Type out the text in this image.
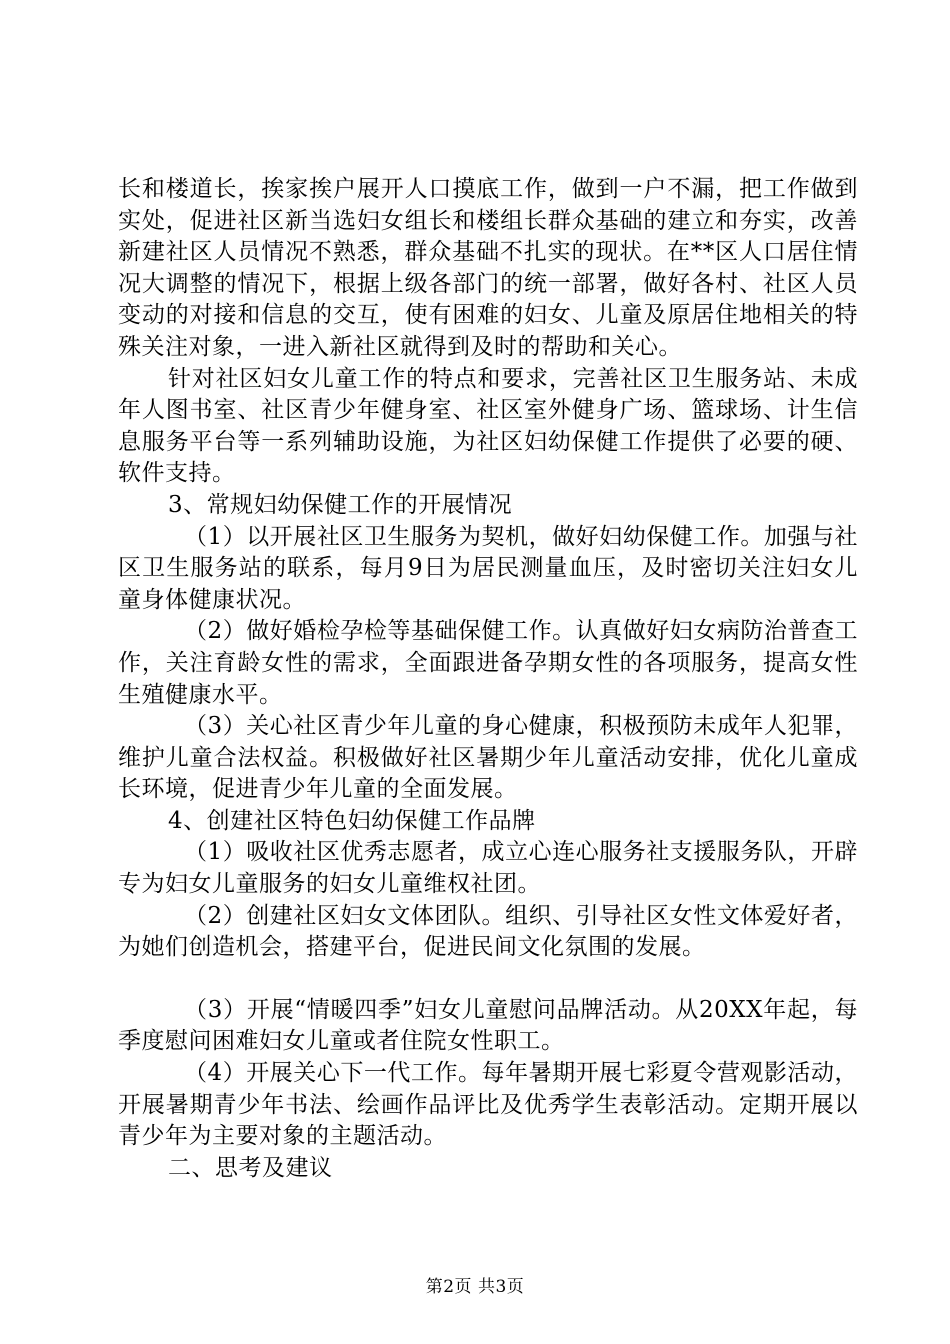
长和楼道长，挨家挨户展开人口摸底工作，做到一户不漏，把工作做到实处，促进社区新当选妇女组长和楼组长群众基础的建立和夯实，改善新建社区人员情况不熟悉，群众基础不扎实的现状。在**区人口居住情况大调整的情况下，根据上级各部门的统一部署，做好各村、社区人员变动的对接和信息的交互，使有困难的妇女、儿童及原居住地相关的特殊关注对象，一进入新社区就得到及时的帮助和关心。

针对社区妇女儿童工作的特点和要求，完善社区卫生服务站、未成年人图书室、社区青少年健身室、社区室外健身广场、篮球场、计生信息服务平台等一系列辅助设施，为社区妇幼保健工作提供了必要的硬、软件支持。

3、常规妇幼保健工作的开展情况

（1）以开展社区卫生服务为契机，做好妇幼保健工作。加强与社区卫生服务站的联系，每月9日为居民测量血压，及时密切关注妇女儿童身体健康状况。

（2）做好婚检孕检等基础保健工作。认真做好妇女病防治普查工作，关注育龄女性的需求，全面跟进备孕期女性的各项服务，提高女性生殖健康水平。

（3）关心社区青少年儿童的身心健康，积极预防未成年人犯罪，维护儿童合法权益。积极做好社区暑期少年儿童活动安排，优化儿童成长环境，促进青少年儿童的全面发展。

4、创建社区特色妇幼保健工作品牌

（1）吸收社区优秀志愿者，成立心连心服务社支援服务队，开辟专为妇女儿童服务的妇女儿童维权社团。

（2）创建社区妇女文体团队。组织、引导社区女性文体爱好者，为她们创造机会，搭建平台，促进民间文化氛围的发展。

（3）开展“情暖四季”妇女儿童慰问品牌活动。从20XX年起，每季度慰问困难妇女儿童或者住院女性职工。

（4）开展关心下一代工作。每年暑期开展七彩夏令营观影活动，开展暑期青少年书法、绘画作品评比及优秀学生表彰活动。定期开展以青少年为主要对象的主题活动。

二、思考及建议

第2页 共3页
